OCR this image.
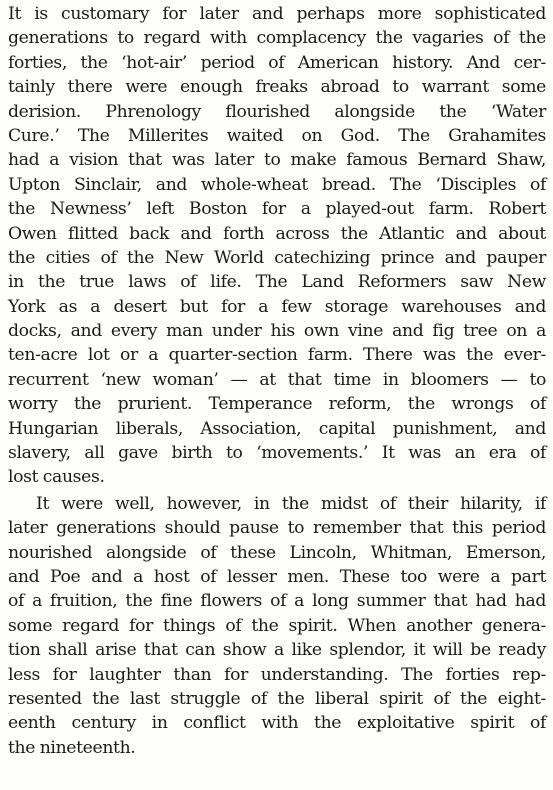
It is customary for later and perhaps more sophisticated
generations to regard with complacency the vagaries of the
forties, the ‘hot-air’ period of American history. And cer-
tainly there were enough freaks abroad to warrant some
derision. Phrenology flourished alongside the ‘Water
Cure.’ The Millerites waited on God. The Grahamites
had a vision that was later to make famous Bernard Shaw,
Upton Sinclair, and whole-wheat bread. The ‘Disciples of
the Newness’ left Boston for a played-out farm. Robert
Owen flitted back and forth across the Atlantic and about
the cities of the New World catechizing prince and pauper
in the true laws of life. The Land Reformers saw New
York as a desert but for a few storage warehouses and
docks, and every man under his own vine and fig tree on a
ten-acre lot or a quarter-section farm. There was the ever-
recurrent ‘new woman’ — at that time in bloomers — to
worry the prurient. Temperance reform, the wrongs of
Hungarian liberals, Association, capital punishment, and
slavery, all gave birth to ‘movements.’ It was an era of
lost causes.
It were well, however, in the midst of their hilarity, if
later generations should pause to remember that this period
nourished alongside of these Lincoln, Whitman, Emerson,
and Poe and a host of lesser men. These too were a part
of a fruition, the fine flowers of a long summer that had had
some regard for things of the spirit. When another genera-
tion shall arise that can show a like splendor, it will be ready
less for laughter than for understanding. The forties rep-
resented the last struggle of the liberal spirit of the eight-
eenth century in conflict with the exploitative spirit of
the nineteenth.
